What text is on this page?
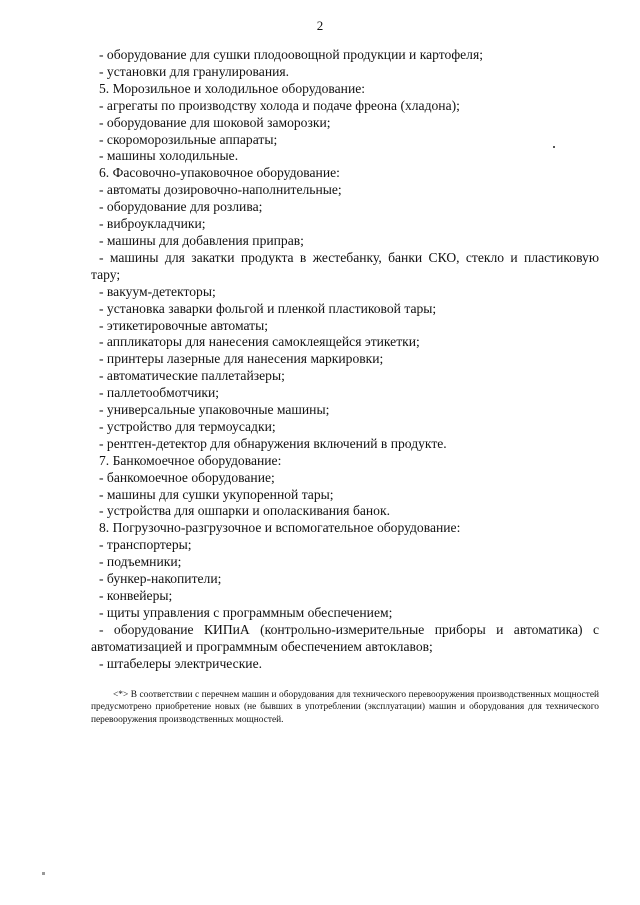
2
- оборудование для сушки плодоовощной продукции и картофеля;
- установки для гранулирования.
5. Морозильное и холодильное оборудование:
- агрегаты по производству холода и подаче фреона (хладона);
- оборудование для шоковой заморозки;
- скороморозильные аппараты;
- машины холодильные.
6. Фасовочно-упаковочное оборудование:
- автоматы дозировочно-наполнительные;
- оборудование для розлива;
- виброукладчики;
- машины для добавления приправ;
- машины для закатки продукта в жестебанку, банки СКО, стекло и пластиковую тару;
- вакуум-детекторы;
- установка заварки фольгой и пленкой пластиковой тары;
- этикетировочные автоматы;
- аппликаторы для нанесения самоклеящейся этикетки;
- принтеры лазерные для нанесения маркировки;
- автоматические паллетайзеры;
- паллетообмотчики;
- универсальные упаковочные машины;
- устройство для термоусадки;
- рентген-детектор для обнаружения включений в продукте.
7. Банкомоечное оборудование:
- банкомоечное оборудование;
- машины для сушки укупоренной тары;
- устройства для ошпарки и ополаскивания банок.
8. Погрузочно-разгрузочное и вспомогательное оборудование:
- транспортеры;
- подъемники;
- бункер-накопители;
- конвейеры;
- щиты управления с программным обеспечением;
- оборудование КИПиА (контрольно-измерительные приборы и автоматика) с автоматизацией и программным обеспечением автоклавов;
- штабелеры электрические.
<*> В соответствии с перечнем машин и оборудования для технического перевооружения производственных мощностей предусмотрено приобретение новых (не бывших в употреблении (эксплуатации) машин и оборудования для технического перевооружения производственных мощностей.
